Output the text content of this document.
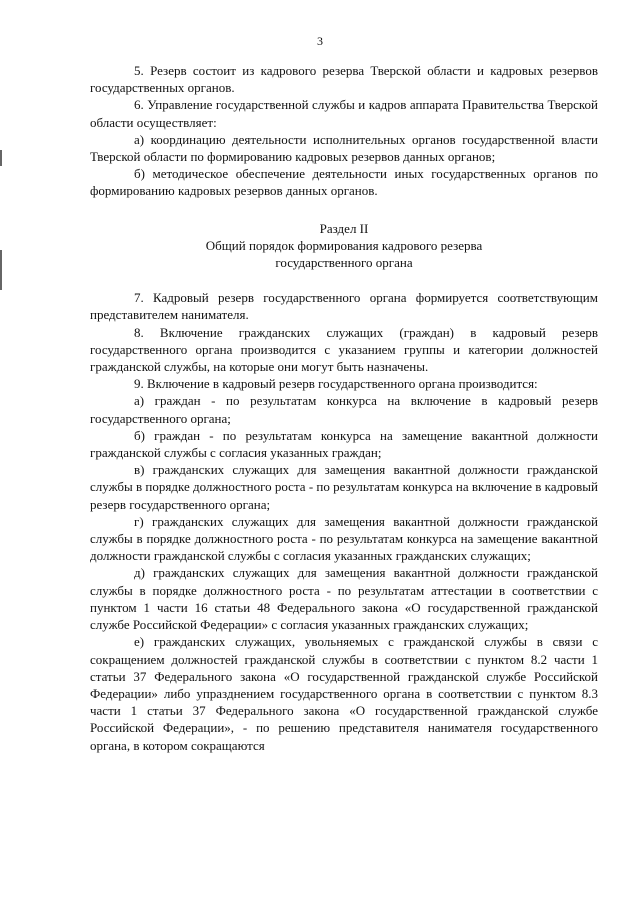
3

5. Резерв состоит из кадрового резерва Тверской области и кадровых резервов государственных органов.

6. Управление государственной службы и кадров аппарата Правительства Тверской области осуществляет:

а) координацию деятельности исполнительных органов государственной власти Тверской области по формированию кадровых резервов данных органов;

б) методическое обеспечение деятельности иных государственных органов по формированию кадровых резервов данных органов.

Раздел II

Общий порядок формирования кадрового резерва
государственного органа

7. Кадровый резерв государственного органа формируется соответствующим представителем нанимателя.

8. Включение гражданских служащих (граждан) в кадровый резерв государственного органа производится с указанием группы и категории должностей гражданской службы, на которые они могут быть назначены.

9. Включение в кадровый резерв государственного органа производится:

а) граждан - по результатам конкурса на включение в кадровый резерв государственного органа;

б) граждан - по результатам конкурса на замещение вакантной должности гражданской службы с согласия указанных граждан;

в) гражданских служащих для замещения вакантной должности гражданской службы в порядке должностного роста - по результатам конкурса на включение в кадровый резерв государственного органа;

г) гражданских служащих для замещения вакантной должности гражданской службы в порядке должностного роста - по результатам конкурса на замещение вакантной должности гражданской службы с согласия указанных гражданских служащих;

д) гражданских служащих для замещения вакантной должности гражданской службы в порядке должностного роста - по результатам аттестации в соответствии с пунктом 1 части 16 статьи 48 Федерального закона «О государственной гражданской службе Российской Федерации» с согласия указанных гражданских служащих;

е) гражданских служащих, увольняемых с гражданской службы в связи с сокращением должностей гражданской службы в соответствии с пунктом 8.2 части 1 статьи 37 Федерального закона «О государственной гражданской службе Российской Федерации» либо упразднением государственного органа в соответствии с пунктом 8.3 части 1 статьи 37 Федерального закона «О государственной гражданской службе Российской Федерации», - по решению представителя нанимателя государственного органа, в котором сокращаются
